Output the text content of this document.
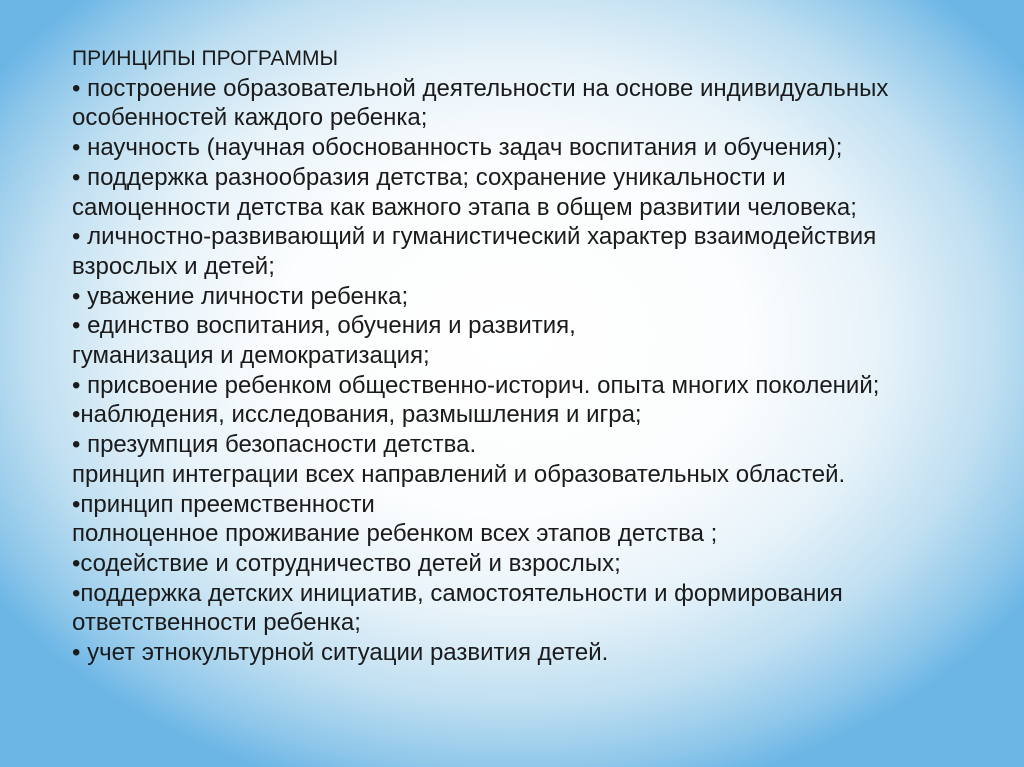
ПРИНЦИПЫ ПРОГРАММЫ
• построение образовательной деятельности на основе индивидуальных
особенностей каждого ребенка;
• научность (научная обоснованность задач воспитания и обучения);
• поддержка разнообразия детства; сохранение уникальности и
самоценности детства как важного этапа в общем развитии человека;
• личностно-развивающий и гуманистический характер взаимодействия
взрослых и детей;
• уважение личности ребенка;
• единство воспитания, обучения и развития,
гуманизация и демократизация;
• присвоение ребенком общественно-историч. опыта многих поколений;
•наблюдения, исследования, размышления и игра;
• презумпция безопасности детства.
принцип интеграции всех направлений и образовательных областей.
•принцип преемственности
полноценное проживание ребенком всех этапов детства ;
•содействие и сотрудничество детей и взрослых;
•поддержка детских инициатив, самостоятельности и формирования
ответственности ребенка;
• учет этнокультурной ситуации развития детей.
